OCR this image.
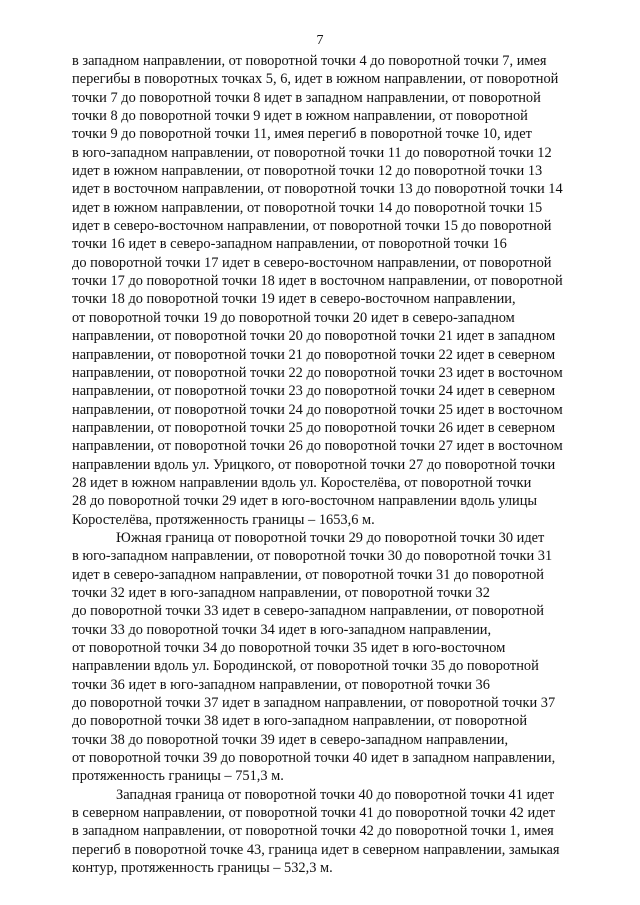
7

в западном направлении, от поворотной точки 4 до поворотной точки 7, имея
перегибы в поворотных точках 5, 6, идет в южном направлении, от поворотной
точки 7 до поворотной точки 8 идет в западном направлении, от поворотной
точки 8 до поворотной точки 9 идет в южном направлении, от поворотной
точки 9 до поворотной точки 11, имея перегиб в поворотной точке 10, идет
в юго-западном направлении, от поворотной точки 11 до поворотной точки 12
идет в южном направлении, от поворотной точки 12 до поворотной точки 13
идет в восточном направлении, от поворотной точки 13 до поворотной точки 14
идет в южном направлении, от поворотной точки 14 до поворотной точки 15
идет в северо-восточном направлении, от поворотной точки 15 до поворотной
точки 16 идет в северо-западном направлении, от поворотной точки 16
до поворотной точки 17 идет в северо-восточном направлении, от поворотной
точки 17 до поворотной точки 18 идет в восточном направлении, от поворотной
точки 18 до поворотной точки 19 идет в северо-восточном направлении,
от поворотной точки 19 до поворотной точки 20 идет в северо-западном
направлении, от поворотной точки 20 до поворотной точки 21 идет в западном
направлении, от поворотной точки 21 до поворотной точки 22 идет в северном
направлении, от поворотной точки 22 до поворотной точки 23 идет в восточном
направлении, от поворотной точки 23 до поворотной точки 24 идет в северном
направлении, от поворотной точки 24 до поворотной точки 25 идет в восточном
направлении, от поворотной точки 25 до поворотной точки 26 идет в северном
направлении, от поворотной точки 26 до поворотной точки 27 идет в восточном
направлении вдоль ул. Урицкого, от поворотной точки 27 до поворотной точки
28 идет в южном направлении вдоль ул. Коростелёва, от поворотной точки
28 до поворотной точки 29 идет в юго-восточном направлении вдоль улицы
Коростелёва, протяженность границы – 1653,6 м.

Южная граница от поворотной точки 29 до поворотной точки 30 идет
в юго-западном направлении, от поворотной точки 30 до поворотной точки 31
идет в северо-западном направлении, от поворотной точки 31 до поворотной
точки 32 идет в юго-западном направлении, от поворотной точки 32
до поворотной точки 33 идет в северо-западном направлении, от поворотной
точки 33 до поворотной точки 34 идет в юго-западном направлении,
от поворотной точки 34 до поворотной точки 35 идет в юго-восточном
направлении вдоль ул. Бородинской, от поворотной точки 35 до поворотной
точки 36 идет в юго-западном направлении, от поворотной точки 36
до поворотной точки 37 идет в западном направлении, от поворотной точки 37
до поворотной точки 38 идет в юго-западном направлении, от поворотной
точки 38 до поворотной точки 39 идет в северо-западном направлении,
от поворотной точки 39 до поворотной точки 40 идет в западном направлении,
протяженность границы – 751,3 м.

Западная граница от поворотной точки 40 до поворотной точки 41 идет
в северном направлении, от поворотной точки 41 до поворотной точки 42 идет
в западном направлении, от поворотной точки 42 до поворотной точки 1, имея
перегиб в поворотной точке 43, граница идет в северном направлении, замыкая
контур, протяженность границы – 532,3 м.
